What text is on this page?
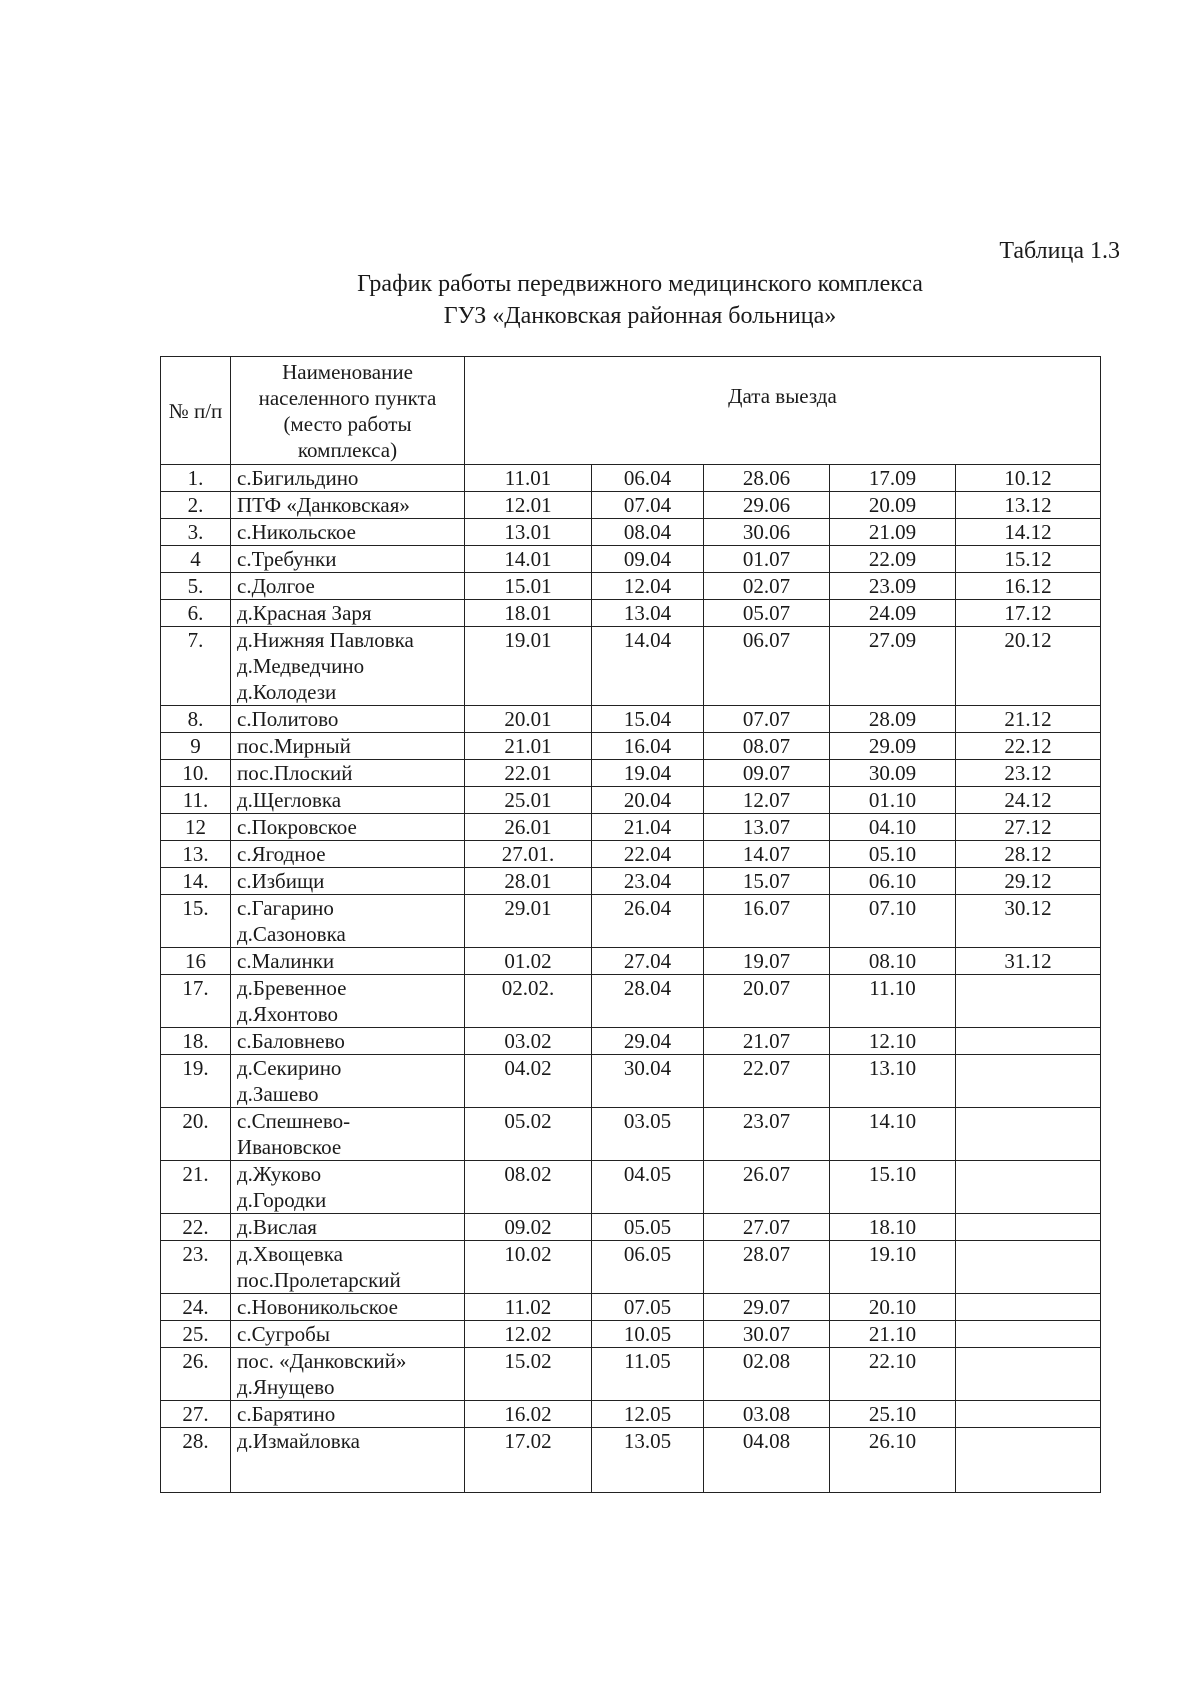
Таблица 1.3
График работы передвижного медицинского комплекса
ГУЗ «Данковская районная больница»
№ п/п	Наименование населенного пункта (место работы комплекса)	Дата выезда				
1.	с.Бигильдино	11.01	06.04	28.06	17.09	10.12
2.	ПТФ «Данковская»	12.01	07.04	29.06	20.09	13.12
3.	с.Никольское	13.01	08.04	30.06	21.09	14.12
4	с.Требунки	14.01	09.04	01.07	22.09	15.12
5.	с.Долгое	15.01	12.04	02.07	23.09	16.12
6.	д.Красная Заря	18.01	13.04	05.07	24.09	17.12
7.	д.Нижняя Павловка
д.Медведчино
д.Колодези	19.01	14.04	06.07	27.09	20.12
8.	с.Политово	20.01	15.04	07.07	28.09	21.12
9	пос.Мирный	21.01	16.04	08.07	29.09	22.12
10.	пос.Плоский	22.01	19.04	09.07	30.09	23.12
11.	д.Щегловка	25.01	20.04	12.07	01.10	24.12
12	с.Покровское	26.01	21.04	13.07	04.10	27.12
13.	с.Ягодное	27.01.	22.04	14.07	05.10	28.12
14.	с.Избищи	28.01	23.04	15.07	06.10	29.12
15.	с.Гагарино
д.Сазоновка	29.01	26.04	16.07	07.10	30.12
16	с.Малинки	01.02	27.04	19.07	08.10	31.12
17.	д.Бревенное
д.Яхонтово	02.02.	28.04	20.07	11.10	
18.	с.Баловнево	03.02	29.04	21.07	12.10	
19.	д.Секирино
д.Зашево	04.02	30.04	22.07	13.10	
20.	с.Спешнево-
Ивановское	05.02	03.05	23.07	14.10	
21.	д.Жуково
д.Городки	08.02	04.05	26.07	15.10	
22.	д.Вислая	09.02	05.05	27.07	18.10	
23.	д.Хвощевка
пос.Пролетарский	10.02	06.05	28.07	19.10	
24.	с.Новоникольское	11.02	07.05	29.07	20.10	
25.	с.Сугробы	12.02	10.05	30.07	21.10	
26.	пос. «Данковский»
д.Янущево	15.02	11.05	02.08	22.10	
27.	с.Барятино	16.02	12.05	03.08	25.10	
28.	д.Измайловка	17.02	13.05	04.08	26.10	
